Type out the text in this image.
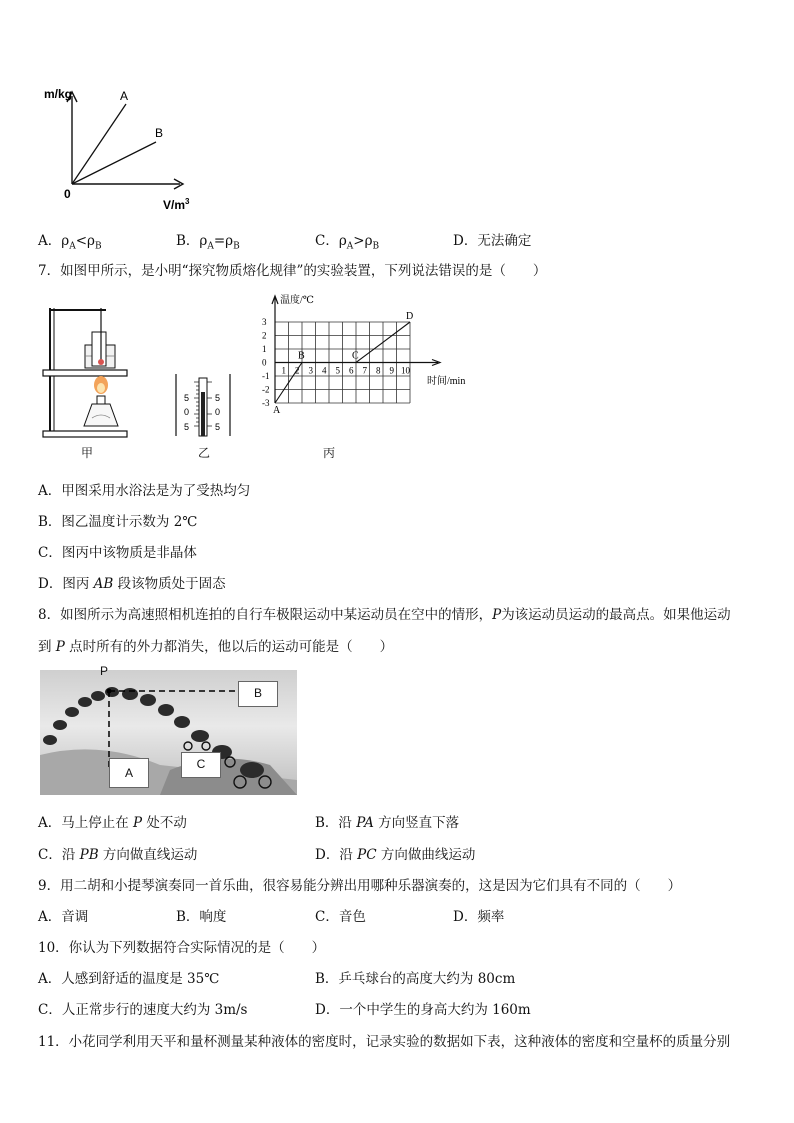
m/kg
$V/m^3$
0
A
B
A．$\rho_A<\rho_B$	B．$\rho_A=\rho_B$	C．$\rho_A>\rho_B$	D．无法确定
7．如图甲所示，是小明“探究物质熔化规律”的实验装置，下列说法错误的是（　　）
甲
5
0
5
5
0
5
乙
3
2
1
0
-1
-2
-3
1 2 3 4 5 6 7 8 9 10
A
B	C
D
温度/℃
时间/min
丙
A．甲图采用水浴法是为了受热均匀
B．图乙温度计示数为 2℃
C．图丙中该物质是非晶体
D．图丙 AB 段该物质处于固态
8．如图所示为高速照相机连拍的自行车极限运动中某运动员在空中的情形，P为该运动员运动的最高点。如果他运动
到 P 点时所有的外力都消失，他以后的运动可能是（　　）
P
B
A
C
A．马上停止在 P 处不动	B．沿 PA 方向竖直下落
C．沿 PB 方向做直线运动	D．沿 PC 方向做曲线运动
9．用二胡和小提琴演奏同一首乐曲，很容易能分辨出用哪种乐器演奏的，这是因为它们具有不同的（　　）
A．音调	B．响度	C．音色	D．频率
10．你认为下列数据符合实际情况的是（　　）
A．人感到舒适的温度是 35℃	B．乒乓球台的高度大约为 80cm
C．人正常步行的速度大约为 3m/s	D．一个中学生的身高大约为 160m
11．小花同学利用天平和量杯测量某种液体的密度时，记录实验的数据如下表，这种液体的密度和空量杯的质量分别
